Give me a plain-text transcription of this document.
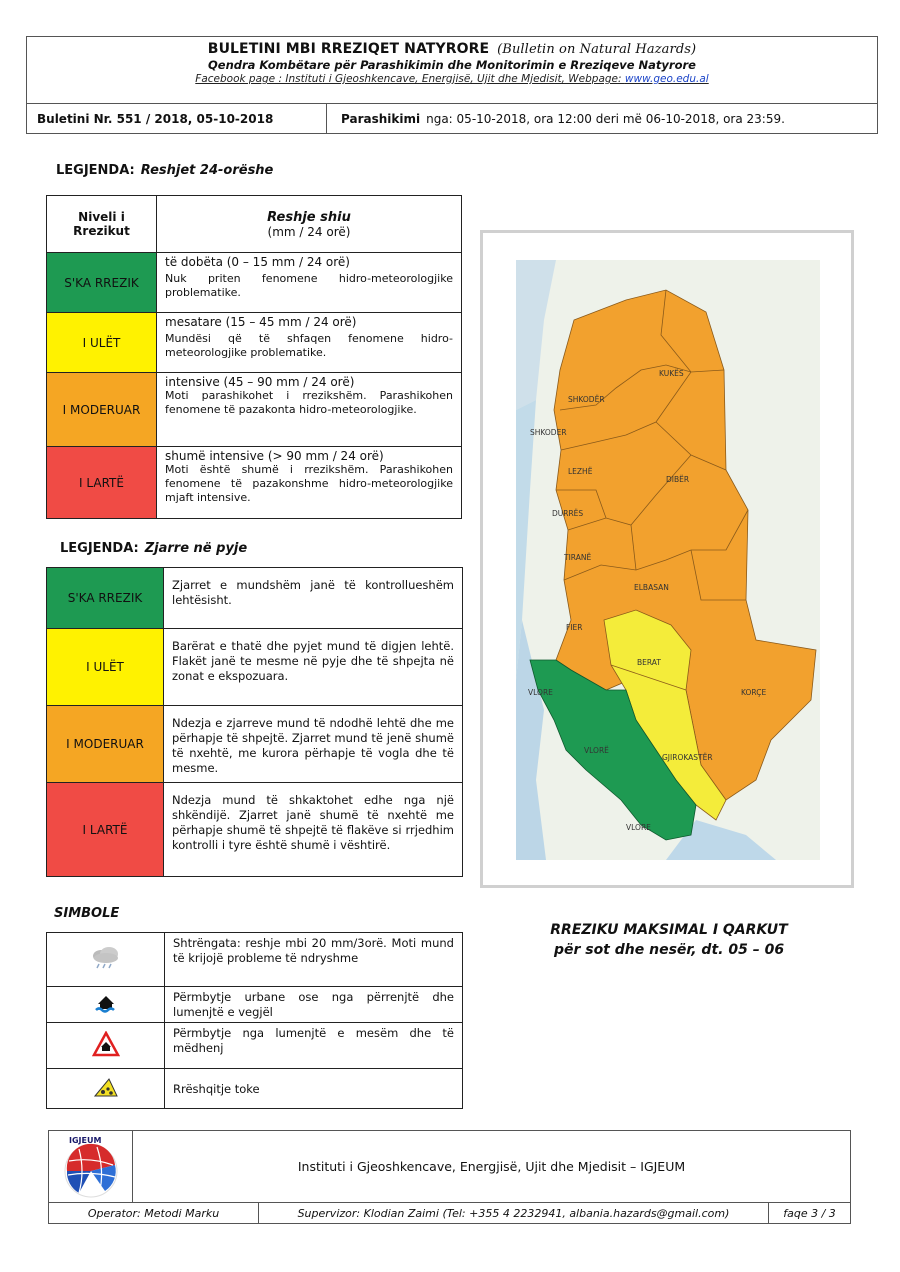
BULETINI MBI RREZIQET NATYRORE (Bulletin on Natural Hazards)
Qendra Kombëtare për Parashikimin dhe Monitorimin e Rreziqeve Natyrore
Facebook page : Instituti i Gjeoshkencave, Energjisë, Ujit dhe Mjedisit, Webpage: www.geo.edu.al
Buletini Nr. 551 / 2018, 05-10-2018	Parashikimi nga: 05-10-2018, ora 12:00 deri më 06-10-2018, ora 23:59.
LEGJENDA: Reshjet 24-orëshe
Niveli i Rrezikut	Reshje shiu
(mm / 24 orë)
S'KA RREZIK	të dobëta (0 – 15 mm / 24 orë)
Nuk priten fenomene hidro-meteorologjike problematike.
I ULËT	mesatare (15 – 45 mm / 24 orë)
Mundësi që të shfaqen fenomene hidro-meteorologjike problematike.
I MODERUAR	intensive (45 – 90 mm / 24 orë)
Moti parashikohet i rrezikshëm. Parashikohen fenomene të pazakonta hidro-meteorologjike.
I LARTË	shumë intensive (> 90 mm / 24 orë)
Moti është shumë i rrezikshëm. Parashikohen fenomene të pazakonshme hidro-meteorologjike mjaft intensive.
LEGJENDA: Zjarre në pyje
S'KA RREZIK	Zjarret e mundshëm janë të kontrollueshëm lehtësisht.
I ULËT	Barërat e thatë dhe pyjet mund të digjen lehtë. Flakët janë te mesme në pyje dhe të shpejta në zonat e ekspozuara.
I MODERUAR	Ndezja e zjarreve mund të ndodhë lehtë dhe me përhapje të shpejtë. Zjarret mund të jenë shumë të nxehtë, me kurora përhapje të vogla dhe të mesme.
I LARTË	Ndezja mund të shkaktohet edhe nga një shkëndijë. Zjarret janë shumë të nxehtë me përhapje shumë të shpejtë të flakëve si rrjedhim kontrolli i tyre është shumë i vështirë.
SIMBOLE
	Shtrëngata: reshje mbi 20 mm/3orë. Moti mund të krijojë probleme të ndryshme
	Përmbytje urbane ose nga përrenjtë dhe lumenjtë e vegjël
	Përmbytje nga lumenjtë e mesëm dhe të mëdhenj
	Rrëshqitje toke
SHKODËR
SHKODER
KUKËS
LEZHË
DIBËR
DURRËS
TIRANË
ELBASAN
FIER
BERAT
VLORE
VLORË
KORÇE
GJIROKASTËR
VLORE
RREZIKU MAKSIMAL I QARKUT
për sot dhe nesër, dt. 05 – 06
IGJEUM
Instituti i Gjeoshkencave, Energjisë, Ujit dhe Mjedisit – IGJEUM
Operator: Metodi Marku	Supervizor: Klodian Zaimi (Tel: +355 4 2232941, albania.hazards@gmail.com)	faqe 3 / 3
